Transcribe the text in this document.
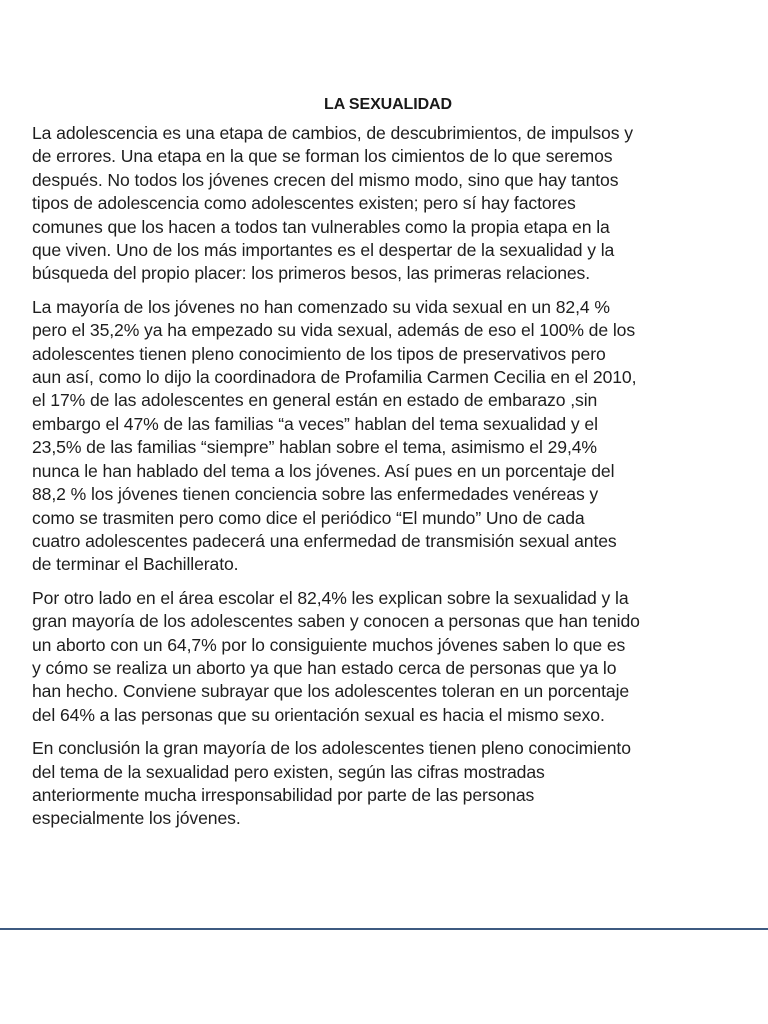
LA SEXUALIDAD
La adolescencia es una etapa de cambios, de descubrimientos, de impulsos y
de errores. Una etapa en la que se forman los cimientos de lo que seremos
después. No todos los jóvenes crecen del mismo modo, sino que hay tantos
tipos de adolescencia como adolescentes existen; pero sí hay factores
comunes que los hacen a todos tan vulnerables como la propia etapa en la
que viven. Uno de los más importantes es el despertar de la sexualidad y la
búsqueda del propio placer: los primeros besos, las primeras relaciones.
La mayoría de los jóvenes no han comenzado su vida sexual en un 82,4 %
pero el 35,2% ya ha empezado su vida sexual, además de eso el 100% de los
adolescentes tienen pleno conocimiento de los tipos de preservativos pero
aun así, como lo dijo la coordinadora de Profamilia Carmen Cecilia en el 2010,
el 17% de las adolescentes en general están en estado de embarazo ,sin
embargo el 47% de las familias “a veces” hablan del tema sexualidad y el
23,5% de las familias “siempre” hablan sobre el tema, asimismo el 29,4%
nunca le han hablado del tema a los jóvenes. Así pues en un porcentaje del
88,2 % los jóvenes tienen conciencia sobre las enfermedades venéreas y
como se trasmiten pero como dice el periódico “El mundo” Uno de cada
cuatro adolescentes padecerá una enfermedad de transmisión sexual antes
de terminar el Bachillerato.
Por otro lado en el área escolar el 82,4% les explican sobre la sexualidad y la
gran mayoría de los adolescentes saben y conocen a personas que han tenido
un aborto con un 64,7% por lo consiguiente muchos jóvenes saben lo que es
y cómo se realiza un aborto ya que han estado cerca de personas que ya lo
han hecho. Conviene subrayar que los adolescentes toleran en un porcentaje
del 64% a las personas que su orientación sexual es hacia el mismo sexo.
En conclusión la gran mayoría de los adolescentes tienen pleno conocimiento
del tema de la sexualidad pero existen, según las cifras mostradas
anteriormente mucha irresponsabilidad por parte de las personas
especialmente los jóvenes.
